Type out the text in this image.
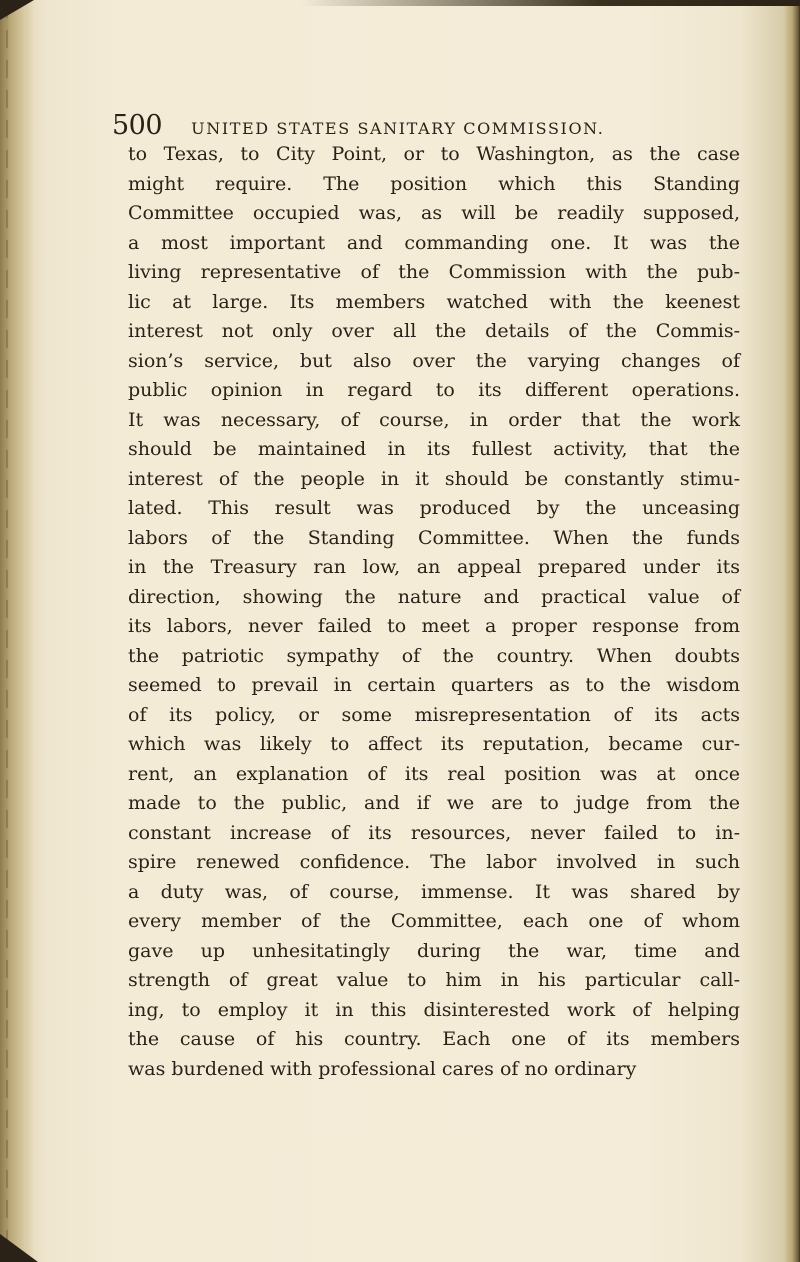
500 UNITED STATES SANITARY COMMISSION.
to Texas, to City Point, or to Washington, as the case
might require. The position which this Standing
Committee occupied was, as will be readily supposed,
a most important and commanding one. It was the
living representative of the Commission with the pub-
lic at large. Its members watched with the keenest
interest not only over all the details of the Commis-
sion’s service, but also over the varying changes of
public opinion in regard to its different operations.
It was necessary, of course, in order that the work
should be maintained in its fullest activity, that the
interest of the people in it should be constantly stimu-
lated. This result was produced by the unceasing
labors of the Standing Committee. When the funds
in the Treasury ran low, an appeal prepared under its
direction, showing the nature and practical value of
its labors, never failed to meet a proper response from
the patriotic sympathy of the country. When doubts
seemed to prevail in certain quarters as to the wisdom
of its policy, or some misrepresentation of its acts
which was likely to affect its reputation, became cur-
rent, an explanation of its real position was at once
made to the public, and if we are to judge from the
constant increase of its resources, never failed to in-
spire renewed confidence. The labor involved in such
a duty was, of course, immense. It was shared by
every member of the Committee, each one of whom
gave up unhesitatingly during the war, time and
strength of great value to him in his particular call-
ing, to employ it in this disinterested work of helping
the cause of his country. Each one of its members
was burdened with professional cares of no ordinary
